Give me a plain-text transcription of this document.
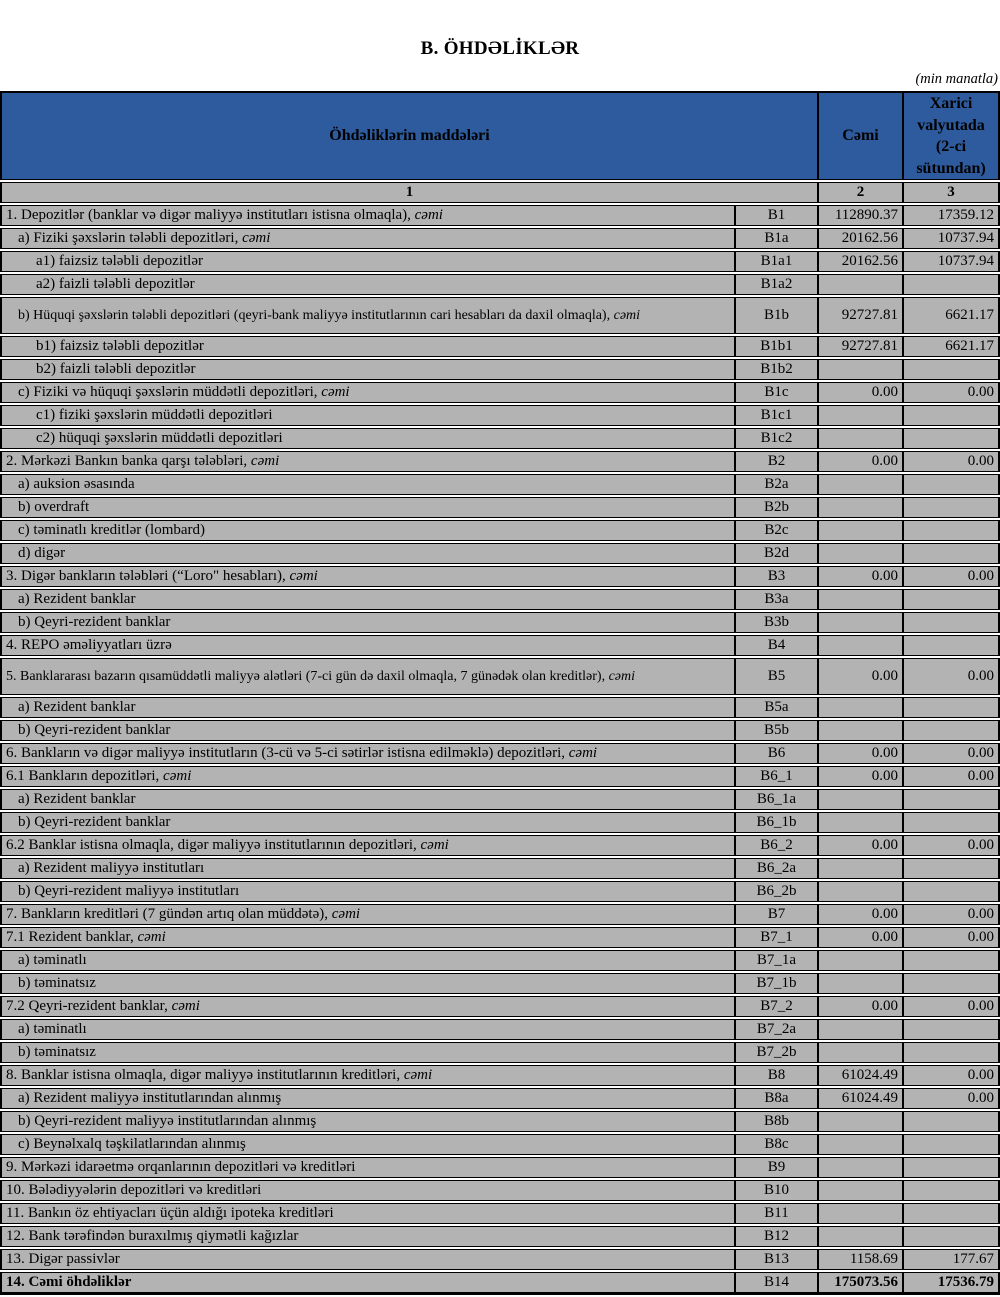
B. ÖHDƏLİKLƏR
(min manatla)
Öhdəliklərin maddələri		Cəmi	Xarici valyutada (2-ci sütundan)
1		2	3
1. Depozitlər (banklar və digər maliyyə institutları istisna olmaqla), cəmi	B1	112890.37	17359.12
a) Fiziki şəxslərin tələbli depozitləri, cəmi	B1a	20162.56	10737.94
a1) faizsiz tələbli depozitlər	B1a1	20162.56	10737.94
a2) faizli tələbli depozitlər	B1a2		
b) Hüquqi şəxslərin tələbli depozitləri (qeyri-bank maliyyə institutlarının cari hesabları da daxil olmaqla), cəmi	B1b	92727.81	6621.17
b1) faizsiz tələbli depozitlər	B1b1	92727.81	6621.17
b2) faizli tələbli depozitlər	B1b2		
c) Fiziki və hüquqi şəxslərin müddətli depozitləri, cəmi	B1c	0.00	0.00
c1) fiziki şəxslərin müddətli depozitləri	B1c1		
c2) hüquqi şəxslərin müddətli depozitləri	B1c2		
2. Mərkəzi Bankın banka qarşı tələbləri, cəmi	B2	0.00	0.00
a) auksion əsasında	B2a		
b) overdraft	B2b		
c) təminatlı kreditlər (lombard)	B2c		
d) digər	B2d		
3. Digər bankların tələbləri (“Loro" hesabları), cəmi	B3	0.00	0.00
a) Rezident banklar	B3a		
b) Qeyri-rezident banklar	B3b		
4. REPO əməliyyatları üzrə	B4		
5. Banklararası bazarın qısamüddətli maliyyə alətləri (7-ci gün də daxil olmaqla, 7 günədək olan kreditlər), cəmi	B5	0.00	0.00
a) Rezident banklar	B5a		
b) Qeyri-rezident banklar	B5b		
6. Bankların və digər maliyyə institutların (3-cü və 5-ci sətirlər istisna edilməklə) depozitləri, cəmi	B6	0.00	0.00
6.1 Bankların depozitləri, cəmi	B6_1	0.00	0.00
a) Rezident banklar	B6_1a		
b) Qeyri-rezident banklar	B6_1b		
6.2 Banklar istisna olmaqla, digər maliyyə institutlarının depozitləri, cəmi	B6_2	0.00	0.00
a) Rezident maliyyə institutları	B6_2a		
b) Qeyri-rezident maliyyə institutları	B6_2b		
7. Bankların kreditləri (7 gündən artıq olan müddətə), cəmi	B7	0.00	0.00
7.1 Rezident banklar, cəmi	B7_1	0.00	0.00
a) təminatlı	B7_1a		
b) təminatsız	B7_1b		
7.2 Qeyri-rezident banklar, cəmi	B7_2	0.00	0.00
a) təminatlı	B7_2a		
b) təminatsız	B7_2b		
8. Banklar istisna olmaqla, digər maliyyə institutlarının kreditləri, cəmi	B8	61024.49	0.00
a) Rezident maliyyə institutlarından alınmış	B8a	61024.49	0.00
b) Qeyri-rezident maliyyə institutlarından alınmış	B8b		
c) Beynəlxalq təşkilatlarından alınmış	B8c		
9. Mərkəzi idarəetmə orqanlarının depozitləri və kreditləri	B9		
10. Bələdiyyələrin depozitləri və kreditləri	B10		
11. Bankın öz ehtiyacları üçün aldığı ipoteka kreditləri	B11		
12. Bank tərəfindən buraxılmış qiymətli kağızlar	B12		
13. Digər passivlər	B13	1158.69	177.67
14. Cəmi öhdəliklər	B14	175073.56	17536.79
